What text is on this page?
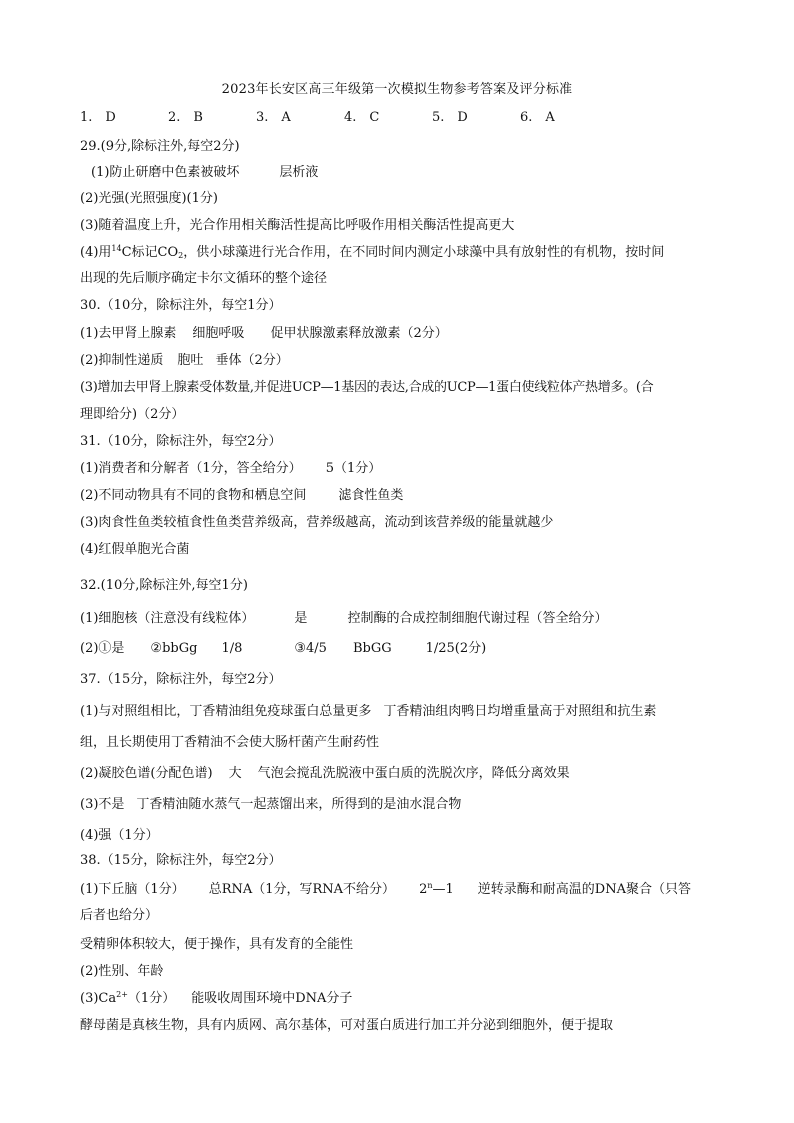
2023年长安区高三年级第一次模拟生物参考答案及评分标准
1.　D	2.　B	3.　A	4.　C	5.　D	6.　A
29.(9分,除标注外,每空2分)
(1)防止研磨中色素被破坏	层析液
(2)光强(光照强度)(1分)
(3)随着温度上升，光合作用相关酶活性提高比呼吸作用相关酶活性提高更大
(4)用$^{14}$C标记$CO_2$，供小球藻进行光合作用，在不同时间内测定小球藻中具有放射性的有机物，按时间
出现的先后顺序确定卡尔文循环的整个途径
30.（10分，除标注外，每空1分）
(1)去甲肾上腺素 细胞呼吸 促甲状腺激素释放激素（2分）
(2)抑制性递质 胞吐 垂体（2分）
(3)增加去甲肾上腺素受体数量,并促进UCP—1基因的表达,合成的UCP—1蛋白使线粒体产热增多。(合
理即给分)（2分）
31.（10分，除标注外，每空2分）
(1)消费者和分解者（1分，答全给分） 5（1分）
(2)不同动物具有不同的食物和栖息空间 滤食性鱼类
(3)肉食性鱼类较植食性鱼类营养级高，营养级越高，流动到该营养级的能量就越少
(4)红假单胞光合菌
32.(10分,除标注外,每空1分)
(1)细胞核（注意没有线粒体）	是	控制酶的合成控制细胞代谢过程（答全给分）
(2)①是 ②bbGg 1/8	③4/5 BbGG	1/25(2分)
37.（15分，除标注外，每空2分）
(1)与对照组相比，丁香精油组免疫球蛋白总量更多 丁香精油组肉鸭日均增重量高于对照组和抗生素
组，且长期使用丁香精油不会使大肠杆菌产生耐药性
(2)凝胶色谱(分配色谱) 大 气泡会搅乱洗脱液中蛋白质的洗脱次序，降低分离效果
(3)不是 丁香精油随水蒸气一起蒸馏出来，所得到的是油水混合物
(4)强（1分）
38.（15分，除标注外，每空2分）
(1)下丘脑（1分） 总RNA（1分，写RNA不给分） 2$^n$—1 逆转录酶和耐高温的DNA聚合（只答
后者也给分）
受精卵体积较大，便于操作，具有发育的全能性
(2)性别、年龄
$(3)Ca^{2+}(1$分） 能吸收周围环境中DNA分子
酵母菌是真核生物，具有内质网、高尔基体，可对蛋白质进行加工并分泌到细胞外，便于提取
